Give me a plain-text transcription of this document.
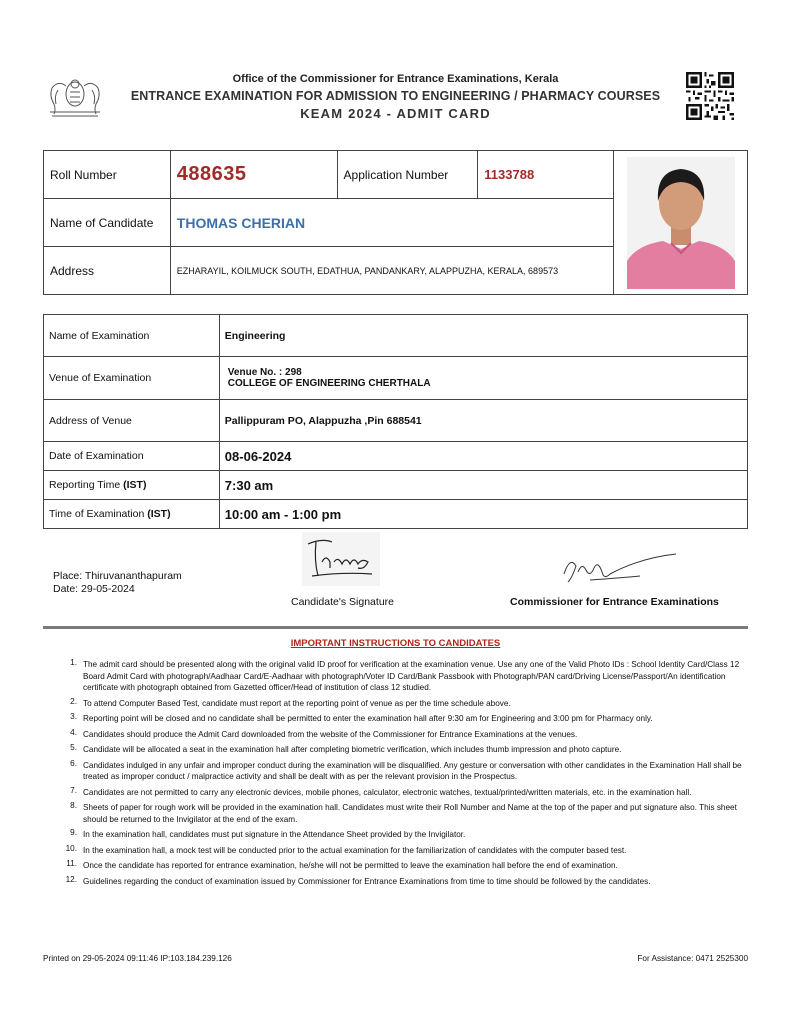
Office of the Commissioner for Entrance Examinations, Kerala
ENTRANCE EXAMINATION FOR ADMISSION TO ENGINEERING / PHARMACY COURSES
KEAM 2024 - ADMIT CARD
Roll Number	488635	Application Number	1133788	

Name of Candidate	THOMAS CHERIAN			
Address	EZHARAYIL, KOILMUCK SOUTH, EDATHUA, PANDANKARY, ALAPPUZHA, KERALA, 689573			
Name of Examination	Engineering
Venue of Examination	Venue No. : 298
COLLEGE OF ENGINEERING CHERTHALA

Address of Venue	Pallippuram PO, Alappuzha ,Pin 688541
Date of Examination	08-06-2024
Reporting Time (IST)	7:30 am
Time of Examination (IST)	10:00 am - 1:00 pm
Place: Thiruvananthapuram
Date: 29-05-2024
Candidate's Signature	Commissioner for Entrance Examinations
IMPORTANT INSTRUCTIONS TO CANDIDATES
1. The admit card should be presented along with the original valid ID proof for verification at the examination venue. Use any one of the Valid Photo IDs : School Identity Card/Class 12 Board Admit Card with photograph/Aadhaar Card/E-Aadhaar with photograph/Voter ID Card/Bank Passbook with Photograph/PAN card/Driving License/Passport/An identification certificate with photograph obtained from Gazetted officer/Head of institution of class 12 studied.
2. To attend Computer Based Test, candidate must report at the reporting point of venue as per the time schedule above.
3. Reporting point will be closed and no candidate shall be permitted to enter the examination hall after 9:30 am for Engineering and 3:00 pm for Pharmacy only.
4. Candidates should produce the Admit Card downloaded from the website of the Commissioner for Entrance Examinations at the venues.
5. Candidate will be allocated a seat in the examination hall after completing biometric verification, which includes thumb impression and photo capture.
6. Candidates indulged in any unfair and improper conduct during the examination will be disqualified. Any gesture or conversation with other candidates in the Examination Hall shall be treated as improper conduct / malpractice activity and shall be dealt with as per the relevant provision in the Prospectus.
7. Candidates are not permitted to carry any electronic devices, mobile phones, calculator, electronic watches, textual/printed/written materials, etc. in the examination hall.
8. Sheets of paper for rough work will be provided in the examination hall. Candidates must write their Roll Number and Name at the top of the paper and put signature also. This sheet should be returned to the Invigilator at the end of the exam.
9. In the examination hall, candidates must put signature in the Attendance Sheet provided by the Invigilator.
10. In the examination hall, a mock test will be conducted prior to the actual examination for the familiarization of candidates with the computer based test.
11. Once the candidate has reported for entrance examination, he/she will not be permitted to leave the examination hall before the end of examination.
12. Guidelines regarding the conduct of examination issued by Commissioner for Entrance Examinations from time to time should be followed by the candidates.
Printed on 29-05-2024 09:11:46 IP:103.184.239.126	For Assistance: 0471 2525300
